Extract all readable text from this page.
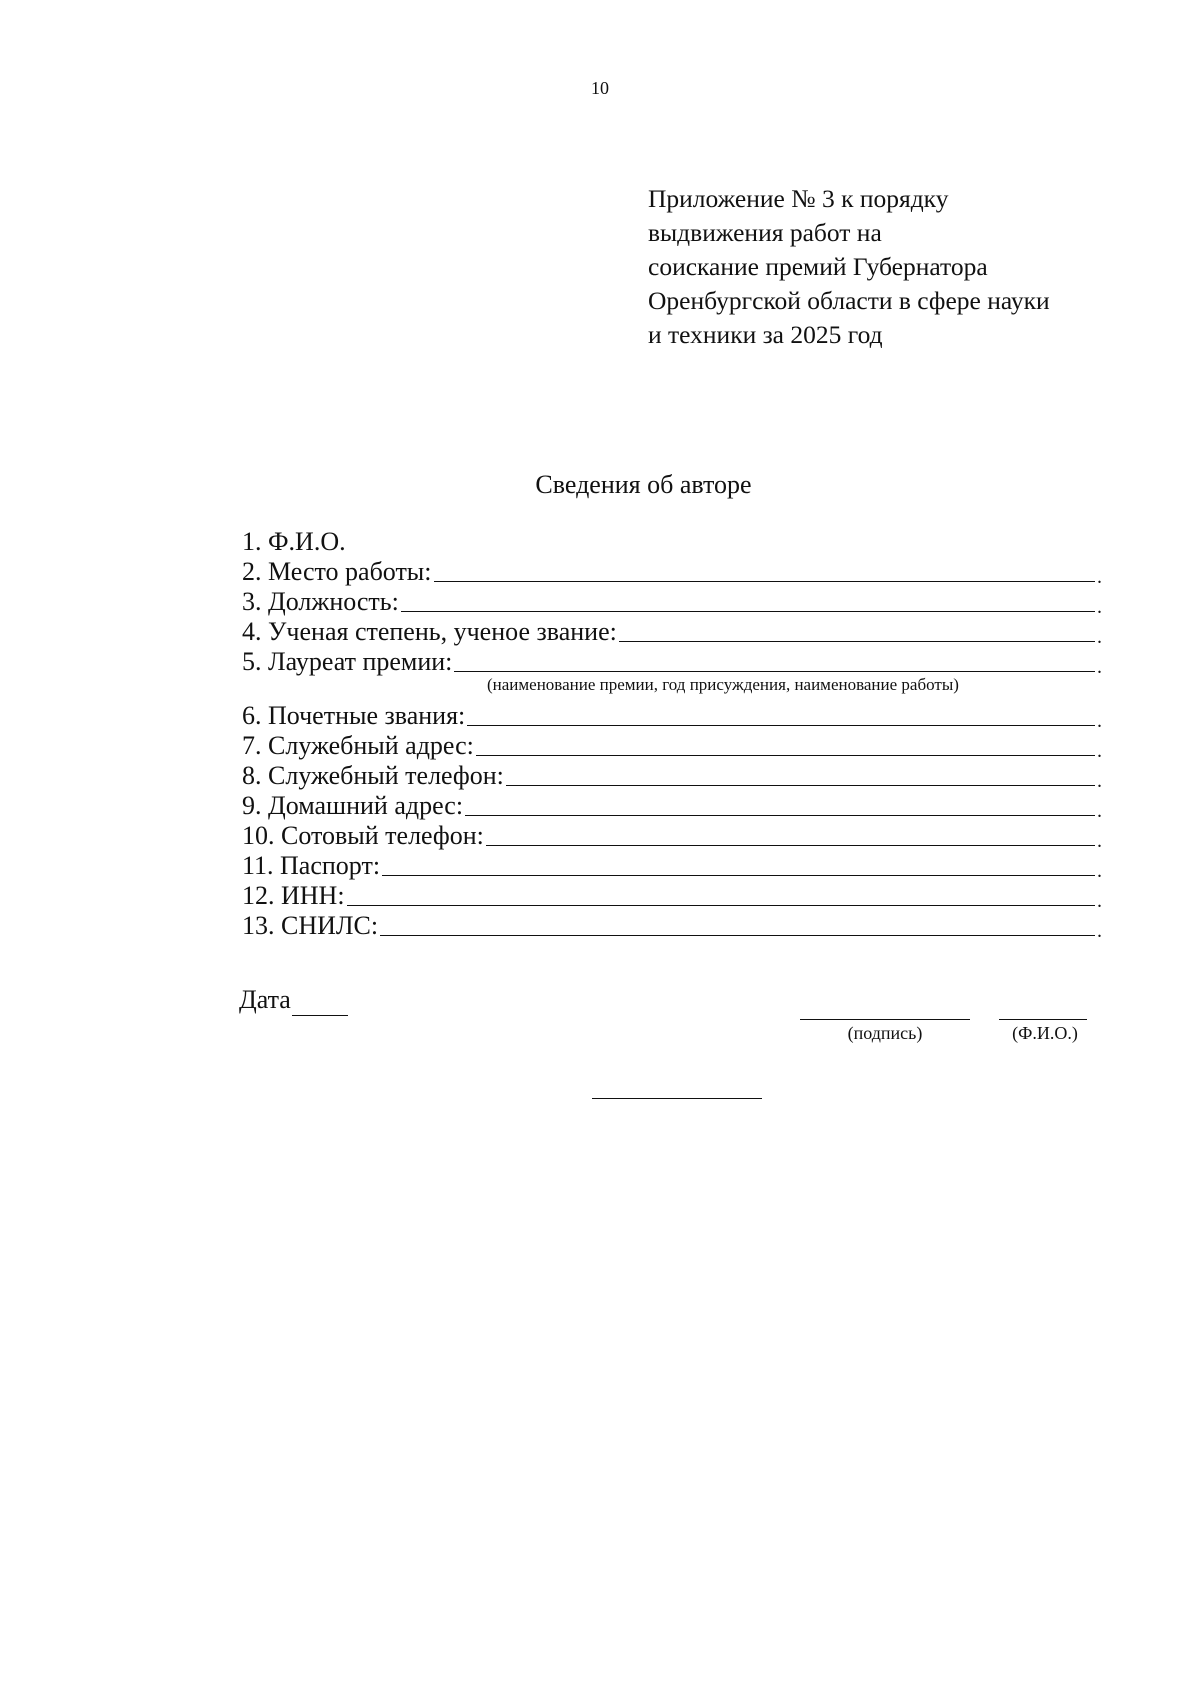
10
Приложение № 3 к порядку
выдвижения работ на
соискание премий Губернатора
Оренбургской области в сфере науки
и техники за 2025 год
Сведения об авторе
1. Ф.И.О.
2. Место работы:	.
3. Должность:	.
4. Ученая степень, ученое звание:	.
5. Лауреат премии:	.
(наименование премии, год присуждения, наименование работы)
6. Почетные звания:	.
7. Служебный адрес:	.
8. Служебный телефон:	.
9. Домашний адрес:	.
10. Сотовый телефон:	.
11. Паспорт:	.
12. ИНН:	.
13. СНИЛС:	.
Дата
(подпись)	(Ф.И.О.)
